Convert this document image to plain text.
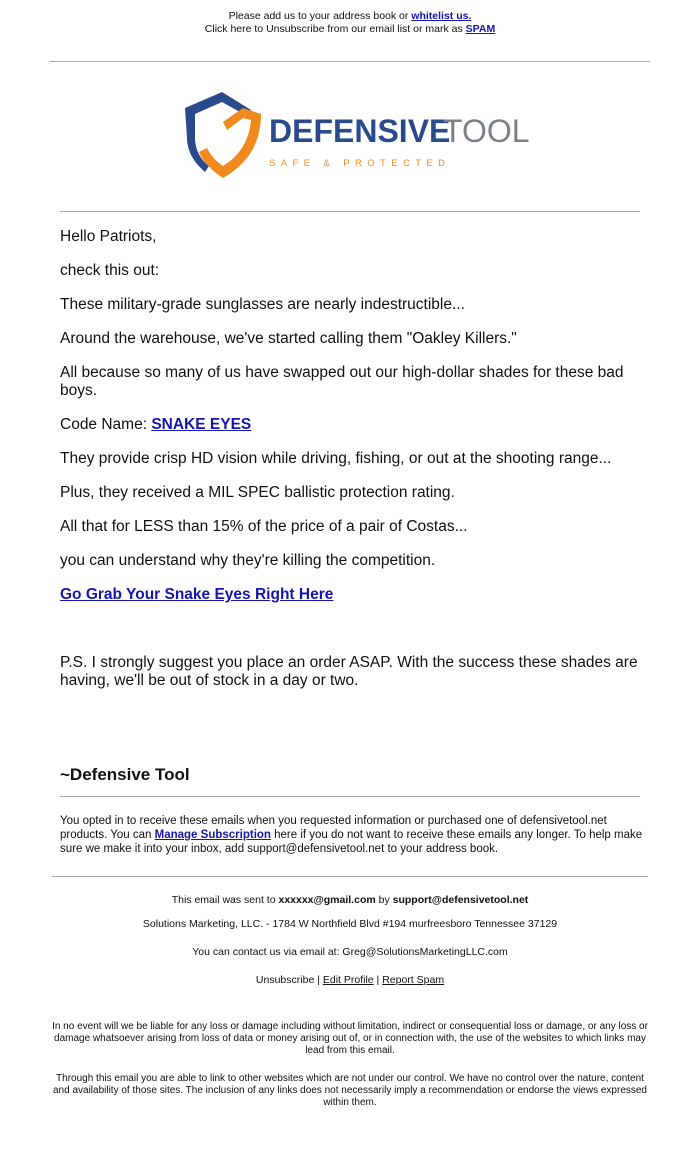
Please add us to your address book or whitelist us.
Click here to Unsubscribe from our email list or mark as SPAM
DEFENSIVE
TOOL
SAFE & PROTECTED

Hello Patriots,

check this out:

These military-grade sunglasses are nearly indestructible...

Around the warehouse, we've started calling them "Oakley Killers."

All because so many of us have swapped out our high-dollar shades for these bad boys.

Code Name: SNAKE EYES

They provide crisp HD vision while driving, fishing, or out at the shooting range...

Plus, they received a MIL SPEC ballistic protection rating.

All that for LESS than 15% of the price of a pair of Costas...

you can understand why they're killing the competition.

Go Grab Your Snake Eyes Right Here

P.S. I strongly suggest you place an order ASAP. With the success these shades are having, we'll be out of stock in a day or two.

~Defensive Tool
You opted in to receive these emails when you requested information or purchased one of defensivetool.net products. You can Manage Subscription here if you do not want to receive these emails any longer. To help make sure we make it into your inbox, add support@defensivetool.net to your address book.

This email was sent to xxxxxx@gmail.com by support@defensivetool.net

Solutions Marketing, LLC. - 1784 W Northfield Blvd #194 murfreesboro Tennessee 37129

You can contact us via email at: Greg@SolutionsMarketingLLC.com

Unsubscribe | Edit Profile | Report Spam

In no event will we be liable for any loss or damage including without limitation, indirect or consequential loss or damage, or any loss or damage whatsoever arising from loss of data or money arising out of, or in connection with, the use of the websites to which links may lead from this email.
Through this email you are able to link to other websites which are not under our control. We have no control over the nature, content and availability of those sites. The inclusion of any links does not necessarily imply a recommendation or endorse the views expressed within them.
